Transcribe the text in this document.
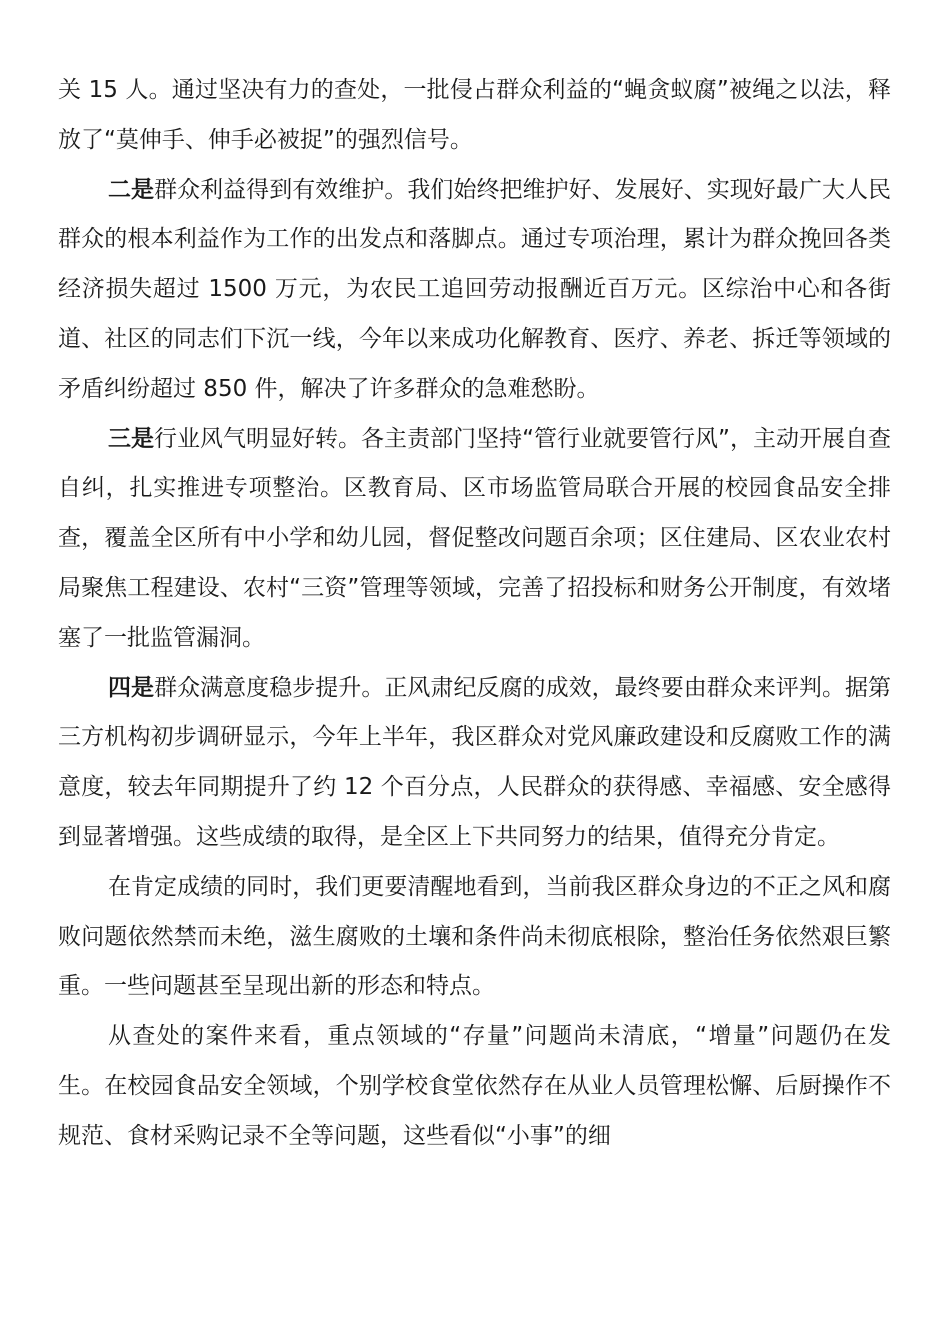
关 15 人。通过坚决有力的查处，一批侵占群众利益的“蝇贪蚁腐”被绳之以法，释放了“莫伸手、伸手必被捉”的强烈信号。

二是群众利益得到有效维护。我们始终把维护好、发展好、实现好最广大人民群众的根本利益作为工作的出发点和落脚点。通过专项治理，累计为群众挽回各类经济损失超过 1500 万元，为农民工追回劳动报酬近百万元。区综治中心和各街道、社区的同志们下沉一线，今年以来成功化解教育、医疗、养老、拆迁等领域的矛盾纠纷超过 850 件，解决了许多群众的急难愁盼。

三是行业风气明显好转。各主责部门坚持“管行业就要管行风”，主动开展自查自纠，扎实推进专项整治。区教育局、区市场监管局联合开展的校园食品安全排查，覆盖全区所有中小学和幼儿园，督促整改问题百余项；区住建局、区农业农村局聚焦工程建设、农村“三资”管理等领域，完善了招投标和财务公开制度，有效堵塞了一批监管漏洞。

四是群众满意度稳步提升。正风肃纪反腐的成效，最终要由群众来评判。据第三方机构初步调研显示，今年上半年，我区群众对党风廉政建设和反腐败工作的满意度，较去年同期提升了约 12 个百分点，人民群众的获得感、幸福感、安全感得到显著增强。这些成绩的取得，是全区上下共同努力的结果，值得充分肯定。

在肯定成绩的同时，我们更要清醒地看到，当前我区群众身边的不正之风和腐败问题依然禁而未绝，滋生腐败的土壤和条件尚未彻底根除，整治任务依然艰巨繁重。一些问题甚至呈现出新的形态和特点。

从查处的案件来看，重点领域的“存量”问题尚未清底，“增量”问题仍在发生。在校园食品安全领域，个别学校食堂依然存在从业人员管理松懈、后厨操作不规范、食材采购记录不全等问题，这些看似“小事”的细
